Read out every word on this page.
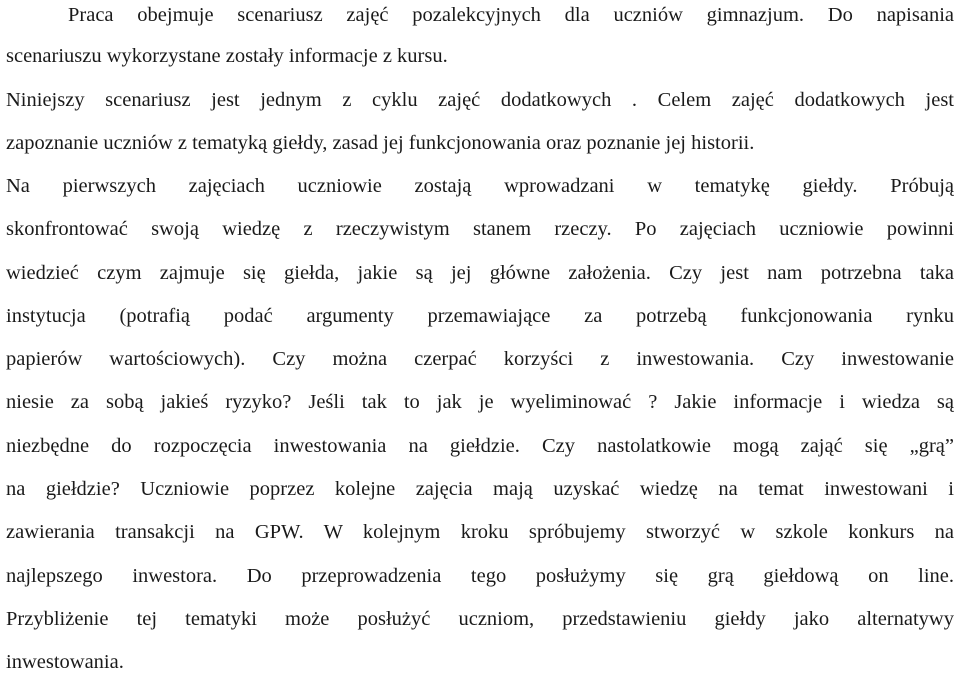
Praca obejmuje scenariusz zajęć pozalekcyjnych dla uczniów gimnazjum. Do napisania
scenariuszu wykorzystane zostały informacje z kursu.
Niniejszy scenariusz jest jednym z cyklu zajęć dodatkowych . Celem zajęć dodatkowych jest
zapoznanie uczniów z tematyką giełdy, zasad jej funkcjonowania oraz poznanie jej historii.
Na pierwszych zajęciach uczniowie zostają wprowadzani w tematykę giełdy. Próbują
skonfrontować swoją wiedzę z rzeczywistym stanem rzeczy. Po zajęciach uczniowie powinni
wiedzieć czym zajmuje się giełda, jakie są jej główne założenia. Czy jest nam potrzebna taka
instytucja (potrafią podać argumenty przemawiające za potrzebą funkcjonowania rynku
papierów wartościowych). Czy można czerpać korzyści z inwestowania. Czy inwestowanie
niesie za sobą jakieś ryzyko? Jeśli tak to jak je wyeliminować ? Jakie informacje i wiedza są
niezbędne do rozpoczęcia inwestowania na giełdzie. Czy nastolatkowie mogą zająć się „grą”
na giełdzie? Uczniowie poprzez kolejne zajęcia mają uzyskać wiedzę na temat inwestowani i
zawierania transakcji na GPW. W kolejnym kroku spróbujemy stworzyć w szkole konkurs na
najlepszego inwestora. Do przeprowadzenia tego posłużymy się grą giełdową on line.
Przybliżenie tej tematyki może posłużyć uczniom, przedstawieniu giełdy jako alternatywy
inwestowania.
